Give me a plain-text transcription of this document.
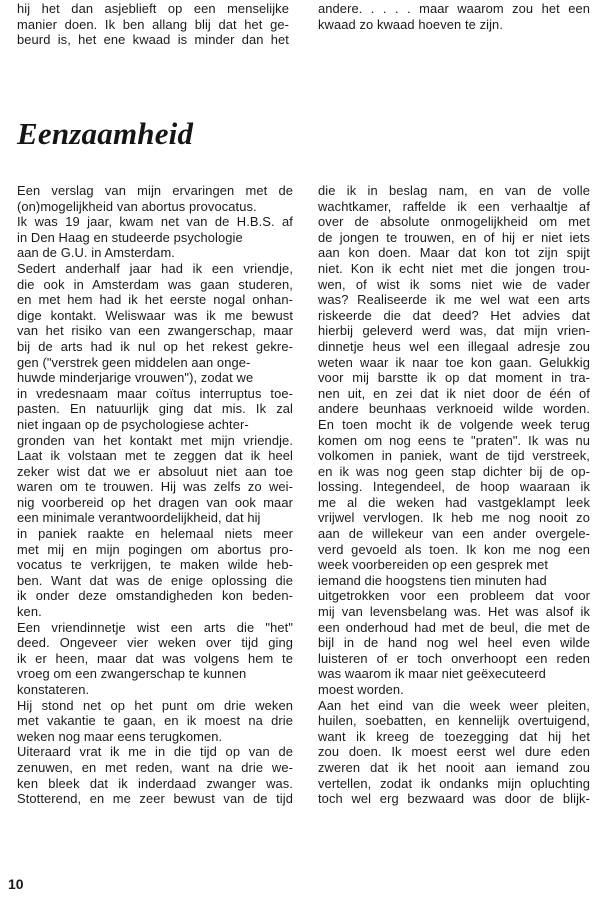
hij het dan asjeblieft op een menselijke
manier doen. Ik ben allang blij dat het ge-
beurd is, het ene kwaad is minder dan het
andere. . . . . maar waarom zou het een
kwaad zo kwaad hoeven te zijn.
Eenzaamheid
Een verslag van mijn ervaringen met de
(on)mogelijkheid van abortus provocatus.
Ik was 19 jaar, kwam net van de H.B.S. af
in Den Haag en studeerde psychologie
aan de G.U. in Amsterdam.
Sedert anderhalf jaar had ik een vriendje,
die ook in Amsterdam was gaan studeren,
en met hem had ik het eerste nogal onhan-
dige kontakt. Weliswaar was ik me bewust
van het risiko van een zwangerschap, maar
bij de arts had ik nul op het rekest gekre-
gen ("verstrek geen middelen aan onge-
huwde minderjarige vrouwen"), zodat we
in vredesnaam maar coïtus interruptus toe-
pasten. En natuurlijk ging dat mis. Ik zal
niet ingaan op de psychologiese achter-
gronden van het kontakt met mijn vriendje.
Laat ik volstaan met te zeggen dat ik heel
zeker wist dat we er absoluut niet aan toe
waren om te trouwen. Hij was zelfs zo wei-
nig voorbereid op het dragen van ook maar
een minimale verantwoordelijkheid, dat hij
in paniek raakte en helemaal niets meer
met mij en mijn pogingen om abortus pro-
vocatus te verkrijgen, te maken wilde heb-
ben. Want dat was de enige oplossing die
ik onder deze omstandigheden kon beden-
ken.
Een vriendinnetje wist een arts die "het"
deed. Ongeveer vier weken over tijd ging
ik er heen, maar dat was volgens hem te
vroeg om een zwangerschap te kunnen
konstateren.
Hij stond net op het punt om drie weken
met vakantie te gaan, en ik moest na drie
weken nog maar eens terugkomen.
Uiteraard vrat ik me in die tijd op van de
zenuwen, en met reden, want na drie we-
ken bleek dat ik inderdaad zwanger was.
Stotterend, en me zeer bewust van de tijd
die ik in beslag nam, en van de volle
wachtkamer, raffelde ik een verhaaltje af
over de absolute onmogelijkheid om met
de jongen te trouwen, en of hij er niet iets
aan kon doen. Maar dat kon tot zijn spijt
niet. Kon ik echt niet met die jongen trou-
wen, of wist ik soms niet wie de vader
was? Realiseerde ik me wel wat een arts
riskeerde die dat deed? Het advies dat
hierbij geleverd werd was, dat mijn vrien-
dinnetje heus wel een illegaal adresje zou
weten waar ik naar toe kon gaan. Gelukkig
voor mij barstte ik op dat moment in tra-
nen uit, en zei dat ik niet door de één of
andere beunhaas verknoeid wilde worden.
En toen mocht ik de volgende week terug
komen om nog eens te "praten". Ik was nu
volkomen in paniek, want de tijd verstreek,
en ik was nog geen stap dichter bij de op-
lossing. Integendeel, de hoop waaraan ik
me al die weken had vastgeklampt leek
vrijwel vervlogen. Ik heb me nog nooit zo
aan de willekeur van een ander overgele-
verd gevoeld als toen. Ik kon me nog een
week voorbereiden op een gesprek met
iemand die hoogstens tien minuten had
uitgetrokken voor een probleem dat voor
mij van levensbelang was. Het was alsof ik
een onderhoud had met de beul, die met de
bijl in de hand nog wel heel even wilde
luisteren of er toch onverhoopt een reden
was waarom ik maar niet geëxecuteerd
moest worden.
Aan het eind van die week weer pleiten,
huilen, soebatten, en kennelijk overtuigend,
want ik kreeg de toezegging dat hij het
zou doen. Ik moest eerst wel dure eden
zweren dat ik het nooit aan iemand zou
vertellen, zodat ik ondanks mijn opluchting
toch wel erg bezwaard was door de blijk-
10
